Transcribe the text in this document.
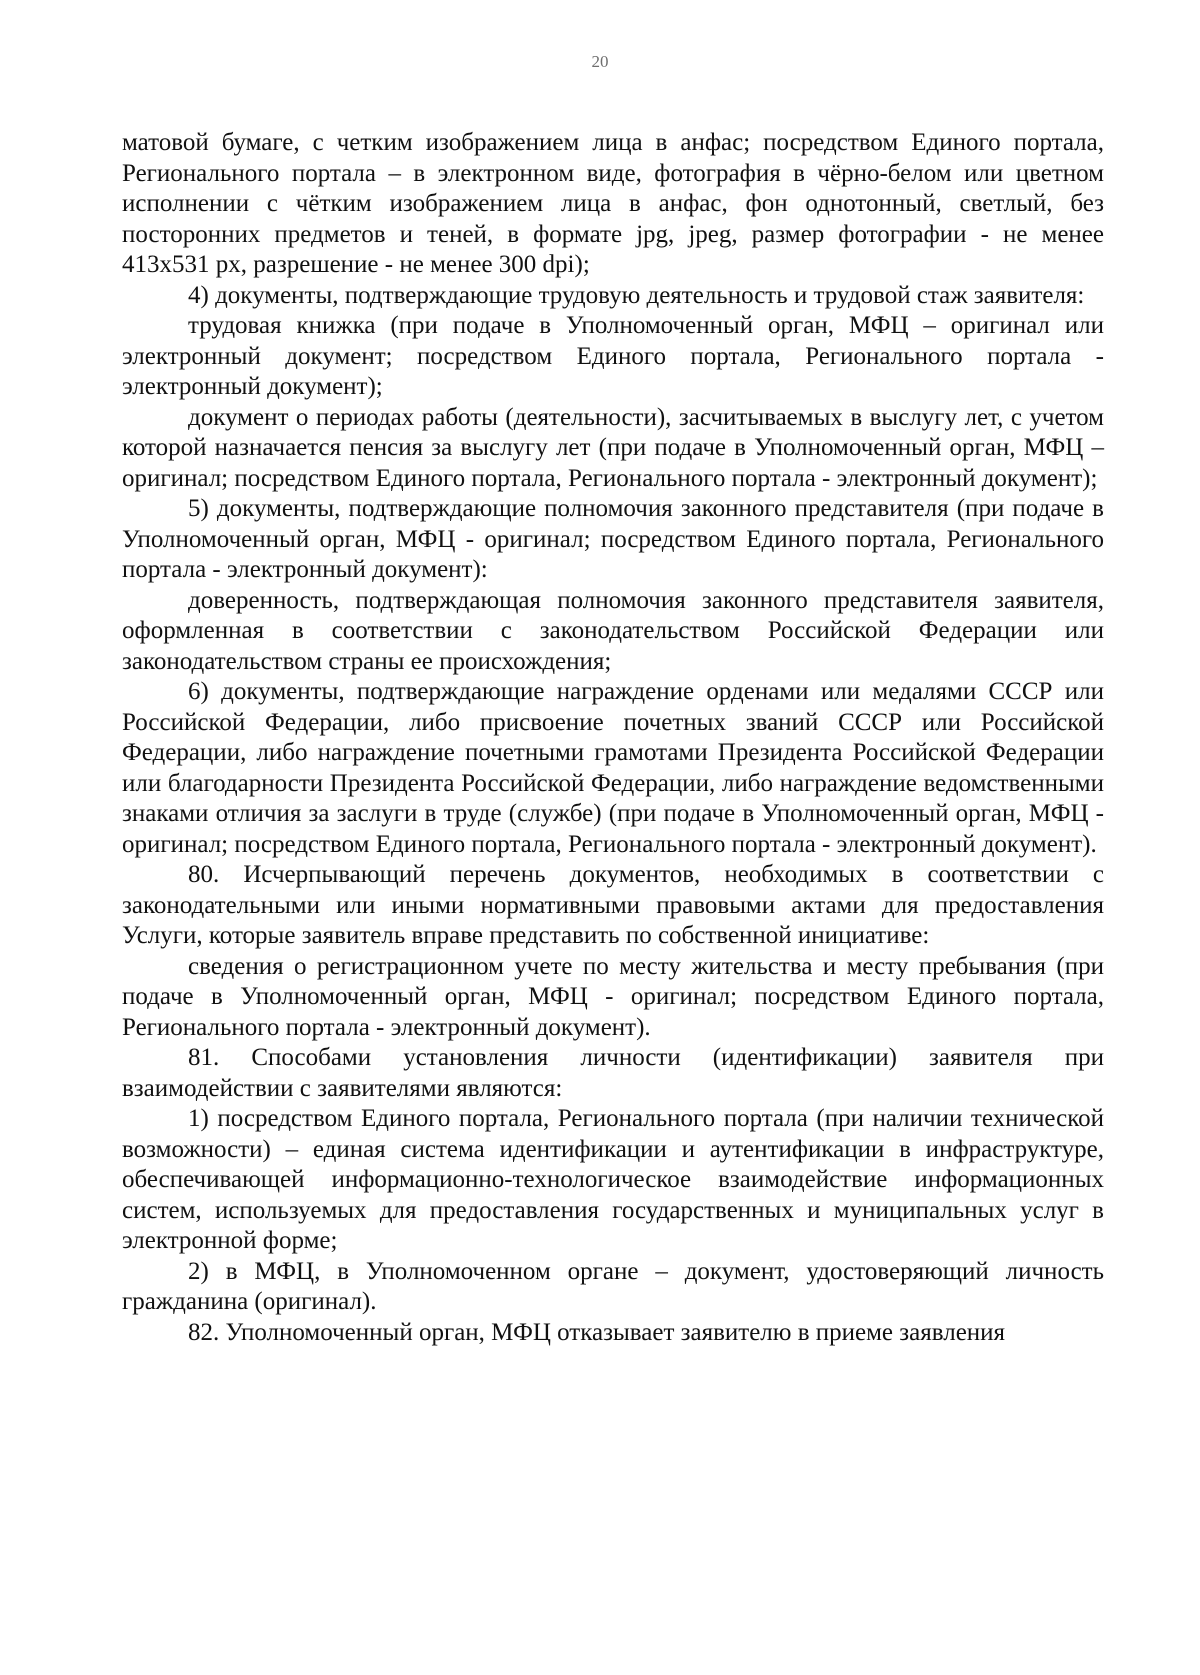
20

матовой бумаге, с четким изображением лица в анфас; посредством Единого портала, Регионального портала – в электронном виде, фотография в чёрно-белом или цветном исполнении с чётким изображением лица в анфас, фон однотонный, светлый, без посторонних предметов и теней, в формате jpg, jpeg, размер фотографии - не менее 413х531 px, разрешение - не менее 300 dpi);

4) документы, подтверждающие трудовую деятельность и трудовой стаж заявителя:

трудовая книжка (при подаче в Уполномоченный орган, МФЦ – оригинал или электронный документ; посредством Единого портала, Регионального портала - электронный документ);

документ о периодах работы (деятельности), засчитываемых в выслугу лет, с учетом которой назначается пенсия за выслугу лет (при подаче в Уполномоченный орган, МФЦ – оригинал; посредством Единого портала, Регионального портала - электронный документ);

5) документы, подтверждающие полномочия законного представителя (при подаче в Уполномоченный орган, МФЦ - оригинал; посредством Единого портала, Регионального портала - электронный документ):

доверенность, подтверждающая полномочия законного представителя заявителя, оформленная в соответствии с законодательством Российской Федерации или законодательством страны ее происхождения;

6) документы, подтверждающие награждение орденами или медалями СССР или Российской Федерации, либо присвоение почетных званий СССР или Российской Федерации, либо награждение почетными грамотами Президента Российской Федерации или благодарности Президента Российской Федерации, либо награждение ведомственными знаками отличия за заслуги в труде (службе) (при подаче в Уполномоченный орган, МФЦ - оригинал; посредством Единого портала, Регионального портала - электронный документ).

80. Исчерпывающий перечень документов, необходимых в соответствии с законодательными или иными нормативными правовыми актами для предоставления Услуги, которые заявитель вправе представить по собственной инициативе:

сведения о регистрационном учете по месту жительства и месту пребывания (при подаче в Уполномоченный орган, МФЦ - оригинал; посредством Единого портала, Регионального портала - электронный документ).

81. Способами установления личности (идентификации) заявителя при взаимодействии с заявителями являются:

1) посредством Единого портала, Регионального портала (при наличии технической возможности) – единая система идентификации и аутентификации в инфраструктуре, обеспечивающей информационно-технологическое взаимодействие информационных систем, используемых для предоставления государственных и муниципальных услуг в электронной форме;

2) в МФЦ, в Уполномоченном органе – документ, удостоверяющий личность гражданина (оригинал).

82. Уполномоченный орган, МФЦ отказывает заявителю в приеме заявления
